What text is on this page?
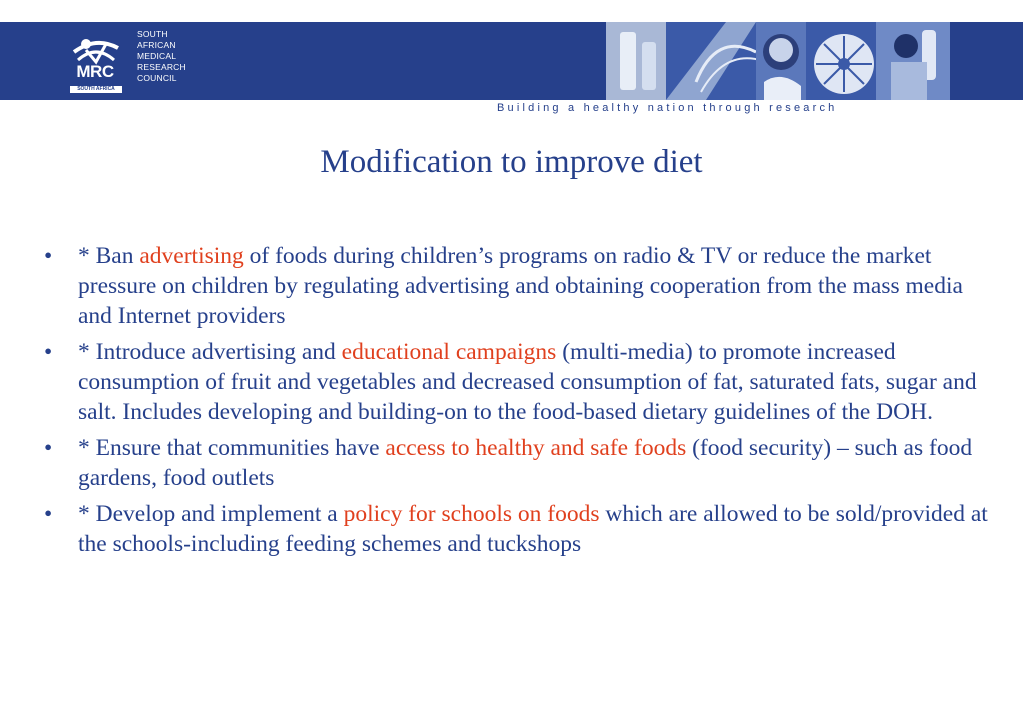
MRC
SOUTH AFRICA
SOUTH
AFRICAN
MEDICAL
RESEARCH
COUNCIL
Building a healthy nation through research
Modification to improve diet
• * Ban advertising of foods during children’s programs on radio & TV or reduce the market pressure on children by regulating advertising and obtaining cooperation from the mass media and Internet providers
• * Introduce advertising and educational campaigns (multi-media) to promote increased consumption of fruit and vegetables and decreased consumption of fat, saturated fats, sugar and salt. Includes developing and building-on to the food-based dietary guidelines of the DOH.
• * Ensure that communities have access to healthy and safe foods (food security) – such as food gardens, food outlets
• * Develop and implement a policy for schools on foods which are allowed to be sold/provided at the schools-including feeding schemes and tuckshops
